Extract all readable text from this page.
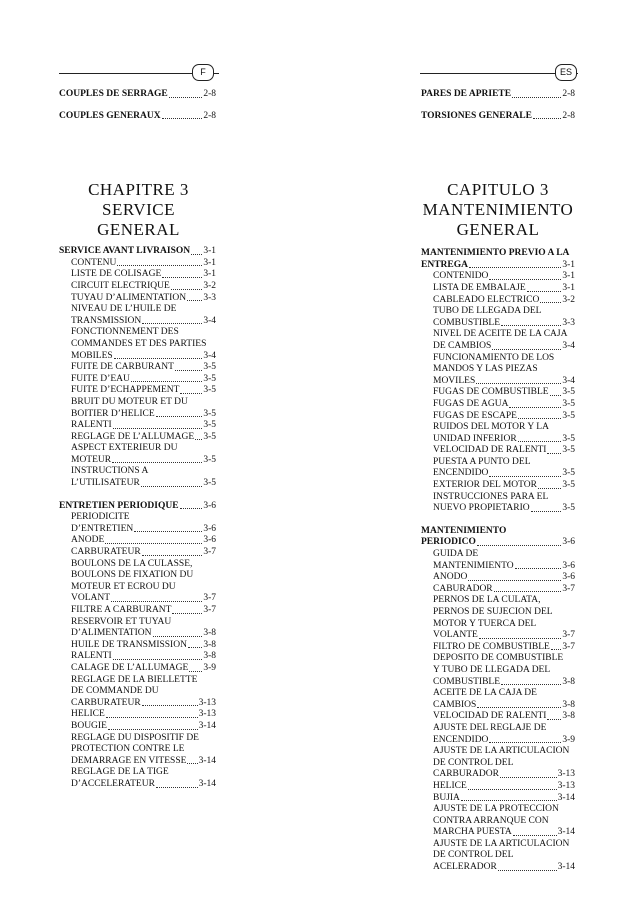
F	ES
COUPLES DE SERRAGE	2-8
COUPLES GENERAUX	2-8
CHAPITRE 3
SERVICE GENERAL
SERVICE AVANT LIVRAISON 3-1
CONTENU	3-1
LISTE DE COLISAGE	3-1
CIRCUIT ELECTRIQUE	3-2
TUYAU D’ALIMENTATION 3-3
NIVEAU DE L’HUILE DE
TRANSMISSION	3-4
FONCTIONNEMENT DES
COMMANDES ET DES PARTIES
MOBILES	3-4
FUITE DE CARBURANT	3-5
FUITE D’EAU	3-5
FUITE D’ECHAPPEMENT	3-5
BRUIT DU MOTEUR ET DU
BOITIER D’HELICE	3-5
RALENTI	3-5
REGLAGE DE L’ALLUMAGE 3-5
ASPECT EXTERIEUR DU
MOTEUR	3-5
INSTRUCTIONS A
L’UTILISATEUR	3-5
ENTRETIEN PERIODIQUE	3-6
PERIODICITE
D’ENTRETIEN	3-6
ANODE	3-6
CARBURATEUR	3-7
BOULONS DE LA CULASSE,
BOULONS DE FIXATION DU
MOTEUR ET ECROU DU
VOLANT	3-7
FILTRE A CARBURANT	3-7
RESERVOIR ET TUYAU
D’ALIMENTATION	3-8
HUILE DE TRANSMISSION 3-8
RALENTI	3-8
CALAGE DE L’ALLUMAGE 3-9
REGLAGE DE LA BIELLETTE
DE COMMANDE DU
CARBURATEUR	3-13
HELICE	3-13
BOUGIE	3-14
REGLAGE DU DISPOSITIF DE
PROTECTION CONTRE LE
DEMARRAGE EN VITESSE 3-14
REGLAGE DE LA TIGE
D’ACCELERATEUR	3-14
PARES DE APRIETE	2-8
TORSIONES GENERALE	2-8
CAPITULO 3
MANTENIMIENTO
GENERAL
MANTENIMIENTO PREVIO A LA
ENTREGA	3-1
CONTENIDO	3-1
LISTA DE EMBALAJE	3-1
CABLEADO ELECTRICO 3-2
TUBO DE LLEGADA DEL
COMBUSTIBLE	3-3
NIVEL DE ACEITE DE LA CAJA
DE CAMBIOS	3-4
FUNCIONAMIENTO DE LOS
MANDOS Y LAS PIEZAS
MOVILES	3-4
FUGAS DE COMBUSTIBLE 3-5
FUGAS DE AGUA	3-5
FUGAS DE ESCAPE	3-5
RUIDOS DEL MOTOR Y LA
UNIDAD INFERIOR	3-5
VELOCIDAD DE RALENTI 3-5
PUESTA A PUNTO DEL
ENCENDIDO	3-5
EXTERIOR DEL MOTOR	3-5
INSTRUCCIONES PARA EL
NUEVO PROPIETARIO	3-5
MANTENIMIENTO
PERIODICO	3-6
GUIDA DE
MANTENIMIENTO	3-6
ANODO	3-6
CABURADOR	3-7
PERNOS DE LA CULATA,
PERNOS DE SUJECION DEL
MOTOR Y TUERCA DEL
VOLANTE	3-7
FILTRO DE COMBUSTIBLE 3-7
DEPOSITO DE COMBUSTIBLE
Y TUBO DE LLEGADA DEL
COMBUSTIBLE	3-8
ACEITE DE LA CAJA DE
CAMBIOS	3-8
VELOCIDAD DE RALENTI 3-8
AJUSTE DEL REGLAJE DE
ENCENDIDO	3-9
AJUSTE DE LA ARTICULACION
DE CONTROL DEL
CARBURADOR	3-13
HELICE	3-13
BUJIA	3-14
AJUSTE DE LA PROTECCION
CONTRA ARRANQUE CON
MARCHA PUESTA	3-14
AJUSTE DE LA ARTICULACION
DE CONTROL DEL
ACELERADOR	3-14
